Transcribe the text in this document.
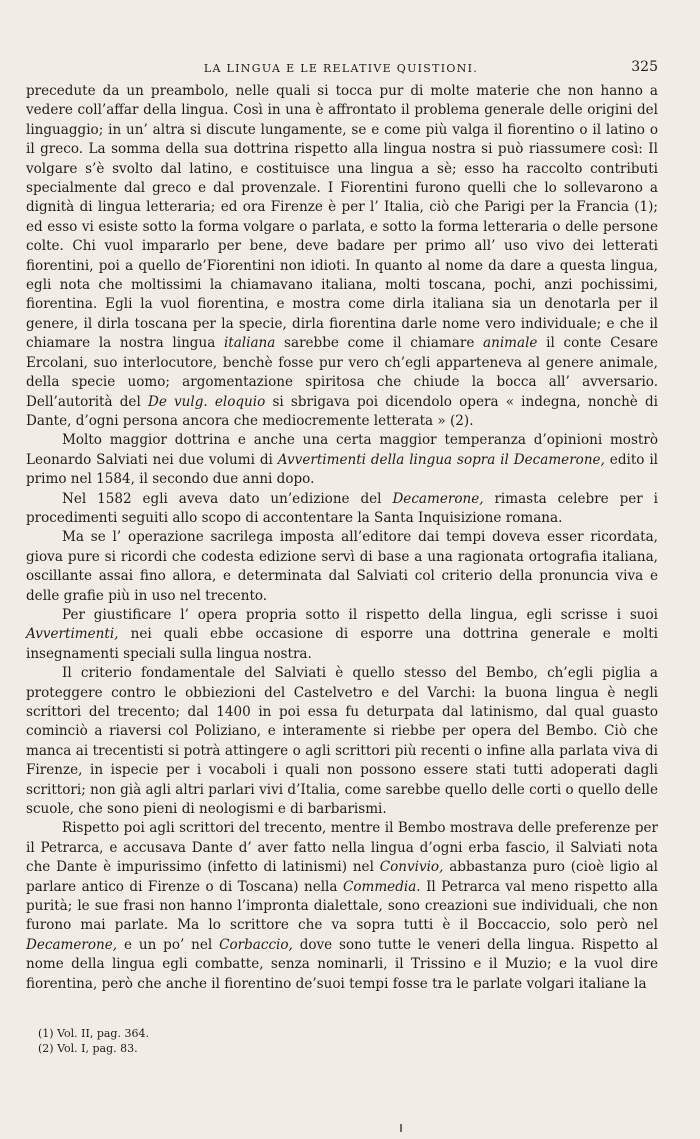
LA LINGUA E LE RELATIVE QUISTIONI.	325

precedute da un preambolo, nelle quali si tocca pur di molte materie che non hanno a vedere coll’affar della lingua. Così in una è affrontato il problema generale delle origini del linguaggio; in un’ altra si discute lungamente, se e come più valga il fiorentino o il latino o il greco. La somma della sua dottrina rispetto alla lingua nostra si può riassumere così: Il volgare s’è svolto dal latino, e costituisce una lingua a sè; esso ha raccolto contributi specialmente dal greco e dal provenzale. I Fiorentini furono quelli che lo sollevarono a dignità di lingua letteraria; ed ora Firenze è per l’ Italia, ciò che Parigi per la Francia (1); ed esso vi esiste sotto la forma volgare o parlata, e sotto la forma letteraria o delle persone colte. Chi vuol impararlo per bene, deve badare per primo all’ uso vivo dei letterati fiorentini, poi a quello de’Fiorentini non idioti. In quanto al nome da dare a questa lingua, egli nota che moltissimi la chiamavano italiana, molti toscana, pochi, anzi pochissimi, fiorentina. Egli la vuol fiorentina, e mostra come dirla italiana sia un denotarla per il genere, il dirla toscana per la specie, dirla fiorentina darle nome vero individuale; e che il chiamare la nostra lingua italiana sarebbe come il chiamare animale il conte Cesare Ercolani, suo interlocutore, benchè fosse pur vero ch’egli apparteneva al genere animale, della specie uomo; argomentazione spiritosa che chiude la bocca all’ avversario. Dell’autorità del De vulg. eloquio si sbrigava poi dicendolo opera « indegna, nonchè di Dante, d’ogni persona ancora che mediocremente letterata » (2).

Molto maggior dottrina e anche una certa maggior temperanza d’opinioni mostrò Leonardo Salviati nei due volumi di Avvertimenti della lingua sopra il Decamerone, edito il primo nel 1584, il secondo due anni dopo.

Nel 1582 egli aveva dato un’edizione del Decamerone, rimasta celebre per i procedimenti seguiti allo scopo di accontentare la Santa Inquisizione romana.

Ma se l’ operazione sacrilega imposta all’editore dai tempi doveva esser ricordata, giova pure si ricordi che codesta edizione servì di base a una ragionata ortografia italiana, oscillante assai fino allora, e determinata dal Salviati col criterio della pronuncia viva e delle grafie più in uso nel trecento.

Per giustificare l’ opera propria sotto il rispetto della lingua, egli scrisse i suoi Avvertimenti, nei quali ebbe occasione di esporre una dottrina generale e molti insegnamenti speciali sulla lingua nostra.

Il criterio fondamentale del Salviati è quello stesso del Bembo, ch’egli piglia a proteggere contro le obbiezioni del Castelvetro e del Varchi: la buona lingua è negli scrittori del trecento; dal 1400 in poi essa fu deturpata dal latinismo, dal qual guasto cominciò a riaversi col Poliziano, e interamente si riebbe per opera del Bembo. Ciò che manca ai trecentisti si potrà attingere o agli scrittori più recenti o infine alla parlata viva di Firenze, in ispecie per i vocaboli i quali non possono essere stati tutti adoperati dagli scrittori; non già agli altri parlari vivi d’Italia, come sarebbe quello delle corti o quello delle scuole, che sono pieni di neologismi e di barbarismi.

Rispetto poi agli scrittori del trecento, mentre il Bembo mostrava delle preferenze per il Petrarca, e accusava Dante d’ aver fatto nella lingua d’ogni erba fascio, il Salviati nota che Dante è impurissimo (infetto di latinismi) nel Convivio, abbastanza puro (cioè ligio al parlare antico di Firenze o di Toscana) nella Commedia. Il Petrarca val meno rispetto alla purità; le sue frasi non hanno l’impronta dialettale, sono creazioni sue individuali, che non furono mai parlate. Ma lo scrittore che va sopra tutti è il Boccaccio, solo però nel Decamerone, e un po’ nel Corbaccio, dove sono tutte le veneri della lingua. Rispetto al nome della lingua egli combatte, senza nominarli, il Trissino e il Muzio; e la vuol dire fiorentina, però che anche il fiorentino de’suoi tempi fosse tra le parlate volgari italiane la

(1) Vol. II, pag. 364.
(2) Vol. I, pag. 83.
